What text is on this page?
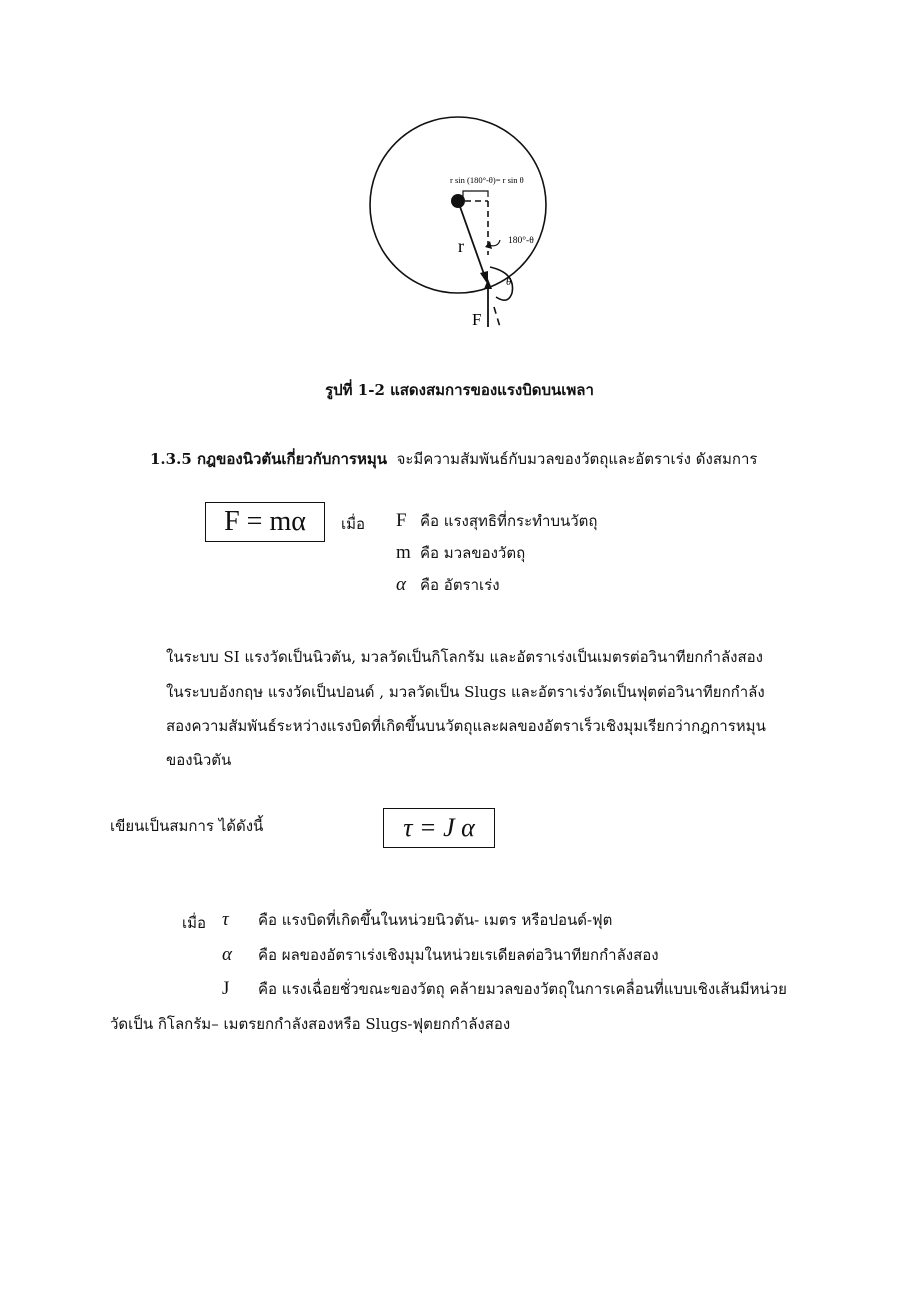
r sin (180°-θ)= r sin θ
r	180°-θ
θ
F
รูปที่ 1-2 แสดงสมการของแรงบิดบนเพลา
1.3.5 กฎของนิวตันเกี่ยวกับการหมุน จะมีความสัมพันธ์กับมวลของวัตถุและอัตราเร่ง ดังสมการ
F = mα	เมื่อ F คือ แรงสุทธิที่กระทำบนวัตถุ
m คือ มวลของวัตถุ
α คือ อัตราเร่ง
ในระบบ SI แรงวัดเป็นนิวตัน, มวลวัดเป็นกิโลกรัม และอัตราเร่งเป็นเมตรต่อวินาทียกกำลังสอง
ในระบบอังกฤษ แรงวัดเป็นปอนด์ , มวลวัดเป็น Slugs และอัตราเร่งวัดเป็นฟุตต่อวินาทียกกำลัง
สองความสัมพันธ์ระหว่างแรงบิดที่เกิดขึ้นบนวัตถุและผลของอัตราเร็วเชิงมุมเรียกว่ากฎการหมุน
ของนิวตัน
เขียนเป็นสมการ ได้ดังนี้	τ = J α
เมื่อ τ คือ แรงบิดที่เกิดขึ้นในหน่วยนิวตัน- เมตร หรือปอนด์-ฟุต
α คือ ผลของอัตราเร่งเชิงมุมในหน่วยเรเดียลต่อวินาทียกกำลังสอง
J คือ แรงเฉื่อยชั่วขณะของวัตถุ คล้ายมวลของวัตถุในการเคลื่อนที่แบบเชิงเส้นมีหน่วย
วัดเป็น กิโลกรัม– เมตรยกกำลังสองหรือ Slugs-ฟุตยกกำลังสอง
